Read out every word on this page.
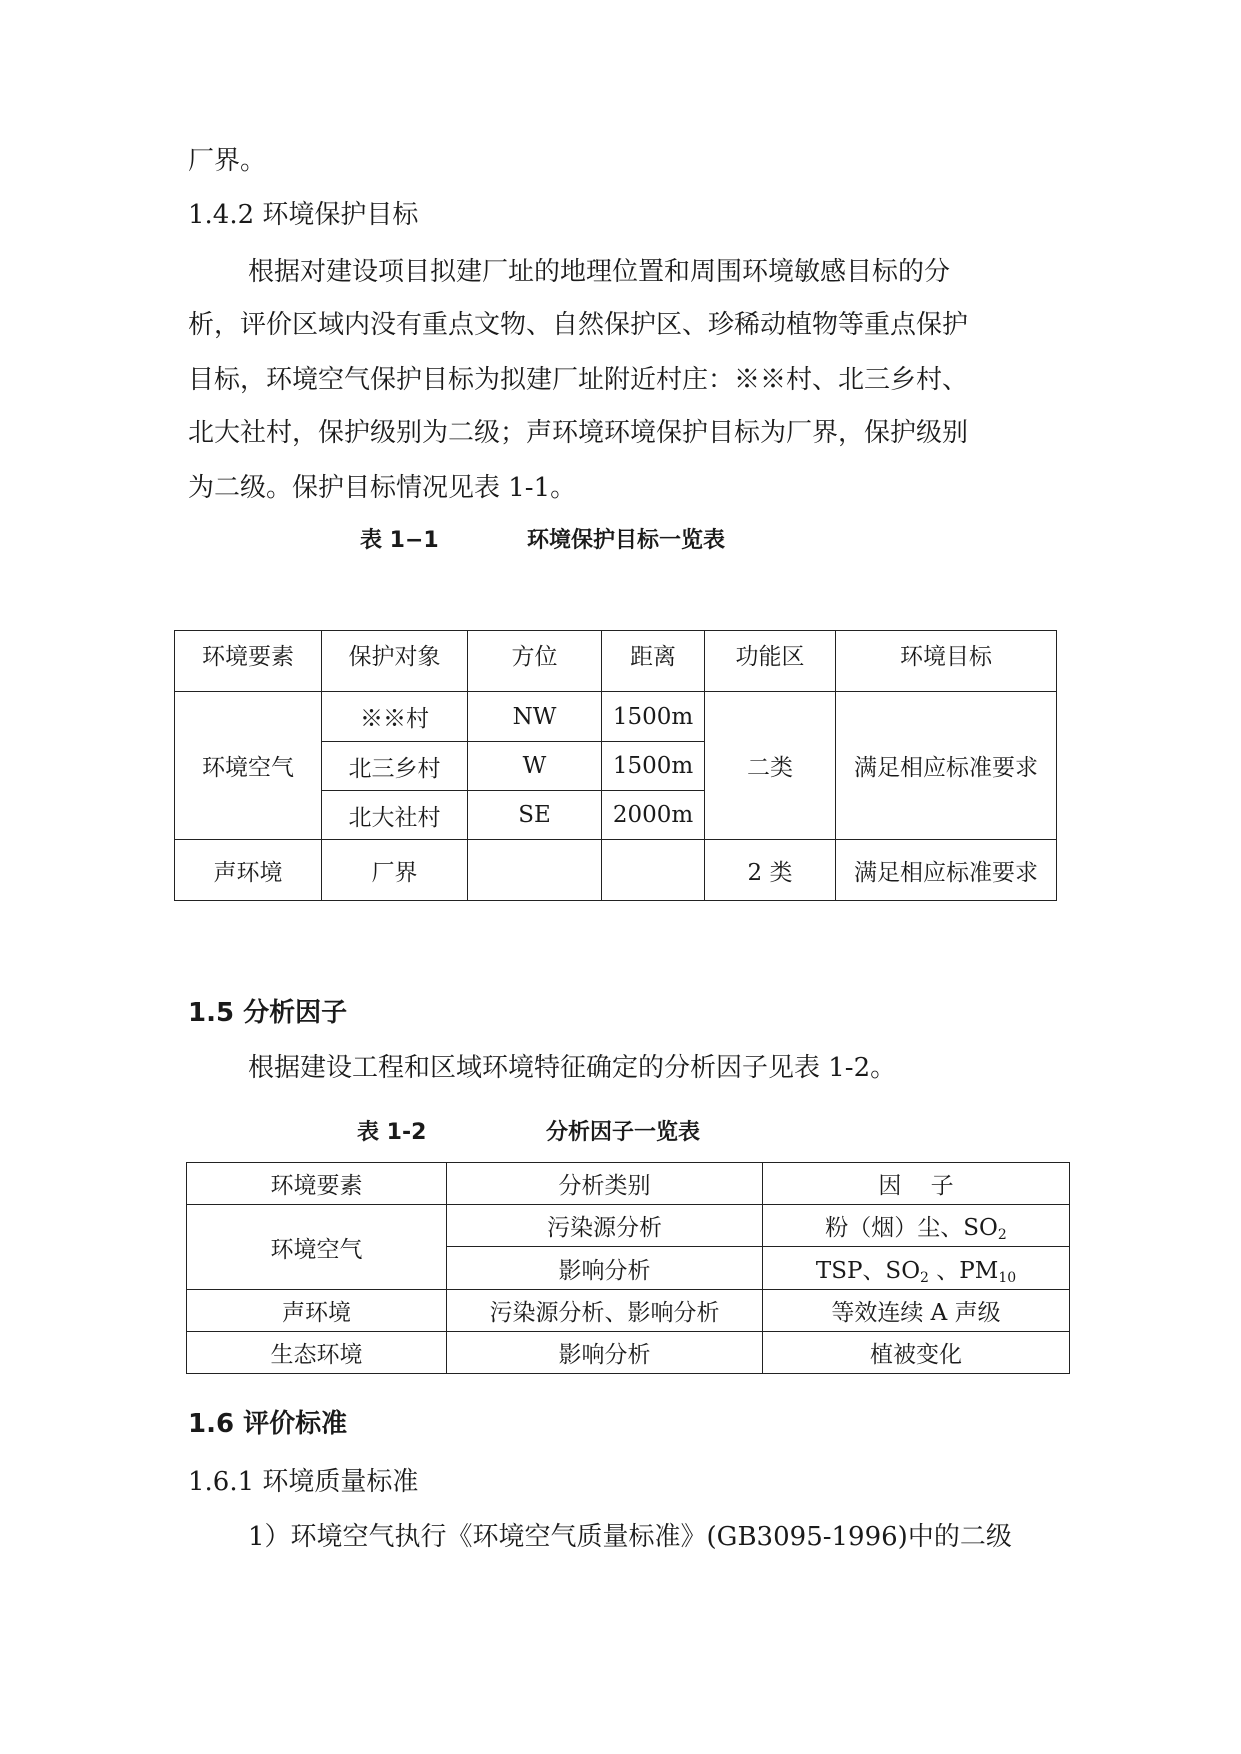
厂界。
1.4.2 环境保护目标
根据对建设项目拟建厂址的地理位置和周围环境敏感目标的分
析，评价区域内没有重点文物、自然保护区、珍稀动植物等重点保护
目标，环境空气保护目标为拟建厂址附近村庄：※※村、北三乡村、
北大社村，保护级别为二级；声环境环境保护目标为厂界，保护级别
为二级。保护目标情况见表 1-1。
表 1−1	环境保护目标一览表
环境要素	保护对象	方位	距离	功能区	环境目标
环境空气	※※村	NW	1500m	二类	满足相应标准要求
	北三乡村	W	1500m		
	北大社村	SE	2000m		
声环境	厂界			2 类	满足相应标准要求
1.5 分析因子
根据建设工程和区域环境特征确定的分析因子见表 1-2。
表 1-2	分析因子一览表
环境要素	分析类别	因    子
环境空气	污染源分析	粉（烟）尘、$SO_2$
	影响分析	TSP、$SO_2$ 、$PM_{10}$
声环境	污染源分析、影响分析	等效连续 A 声级
生态环境	影响分析	植被变化
1.6 评价标准
1.6.1 环境质量标准
1）环境空气执行《环境空气质量标准》(GB3095-1996)中的二级
